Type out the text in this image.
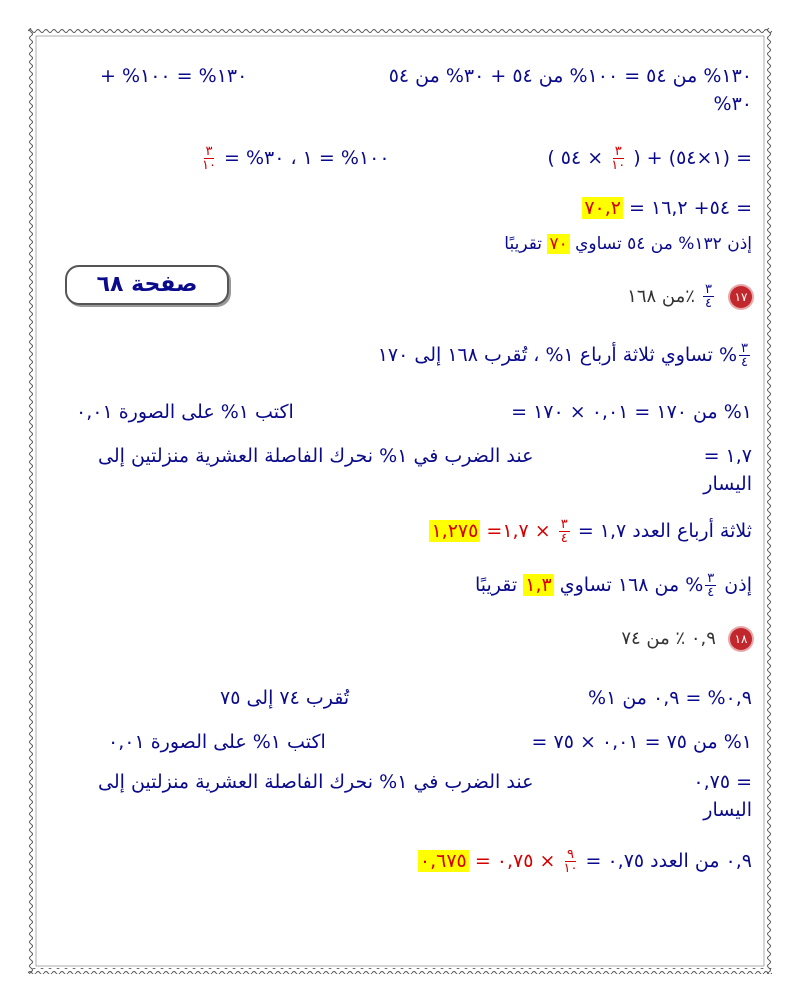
١٣٠% من ٥٤ = ١٠٠% من ٥٤ + ٣٠% من ٥٤
١٣٠% = ١٠٠% +
٣٠%
= (١×٥٤) + (
$\frac{٣}{١٠}$
× ٥٤ )
١٠٠% = ١ ، ٣٠% =
$\frac{٣}{١٠}$
= ٥٤+ ١٦,٢ = ٧٠,٢
إذن ١٣٢% من ٥٤ تساوي ٧٠ تقريبًا
صفحة ٦٨	١٧
$\frac{٣}{٤}$
٪من ١٦٨
$\frac{٣}{٤}$
% تساوي ثلاثة أرباع ١% ، تُقرب ١٦٨ إلى ١٧٠
١% من ١٧٠ = ٠,٠١ × ١٧٠ =
اكتب ١% على الصورة ٠,٠١
١,٧ =
عند الضرب في ١% نحرك الفاصلة العشرية منزلتين إلى
اليسار
ثلاثة أرباع العدد ١,٧ =
$\frac{٣}{٤}$
× ١,٧= ١,٢٧٥
إذن
$\frac{٣}{٤}$
% من ١٦٨ تساوي ١,٣ تقريبًا
١٨ ٠,٩ ٪ من ٧٤
٠,٩% = ٠,٩ من ١%
تُقرب ٧٤ إلى ٧٥
١% من ٧٥ = ٠,٠١ × ٧٥ =
اكتب ١% على الصورة ٠,٠١
= ٠,٧٥
عند الضرب في ١% نحرك الفاصلة العشرية منزلتين إلى
اليسار
٠,٩ من العدد ٠,٧٥ =
$\frac{٩}{١٠}$
× ٠,٧٥ = ٠,٦٧٥
